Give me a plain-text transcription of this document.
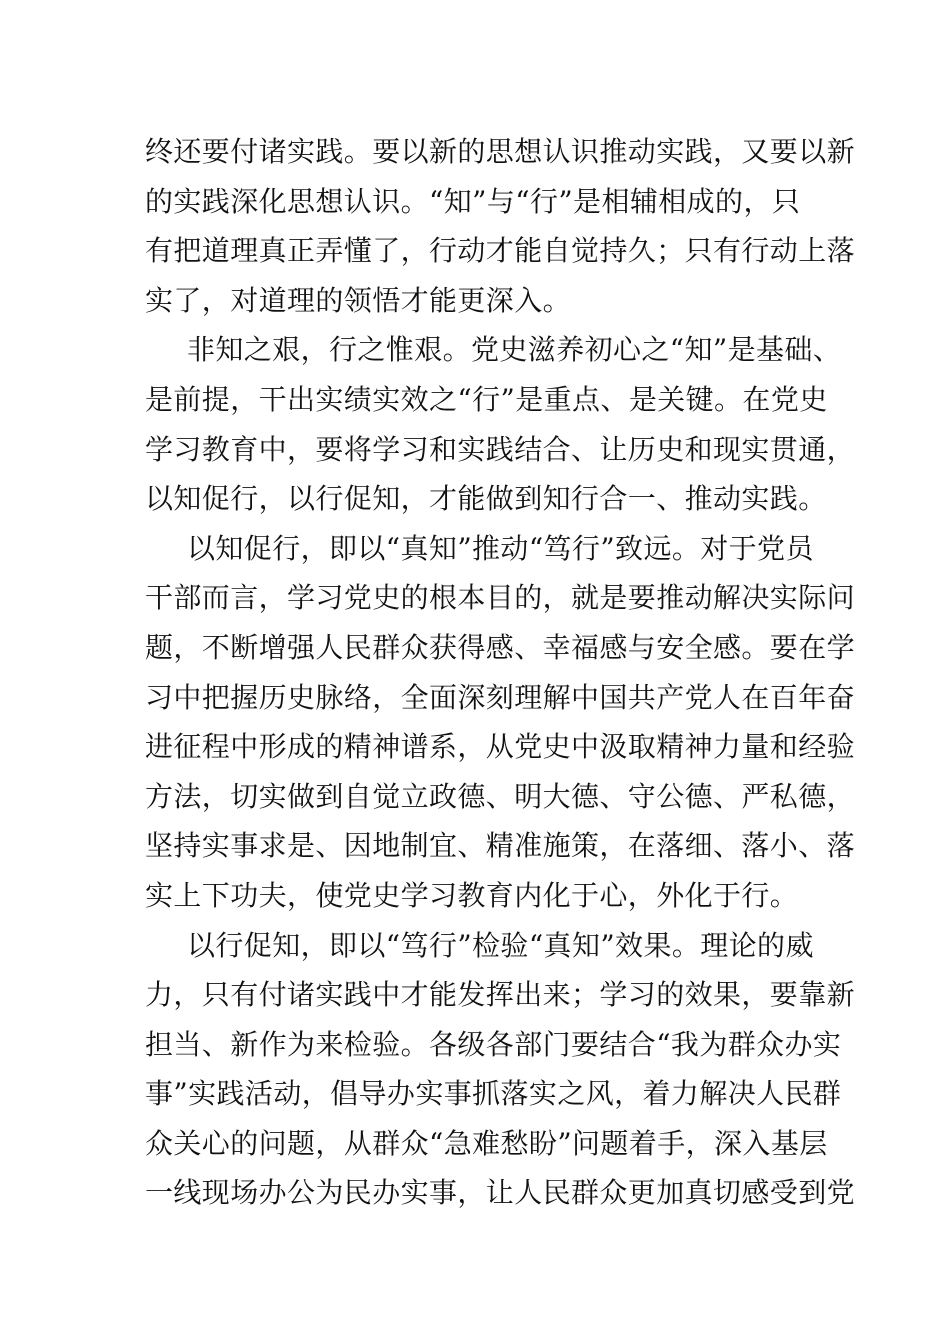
终还要付诸实践。要以新的思想认识推动实践，又要以新
的实践深化思想认识。“知”与“行”是相辅相成的，只
有把道理真正弄懂了，行动才能自觉持久；只有行动上落
实了，对道理的领悟才能更深入。
非知之艰，行之惟艰。党史滋养初心之“知”是基础、
是前提，干出实绩实效之“行”是重点、是关键。在党史
学习教育中，要将学习和实践结合、让历史和现实贯通，
以知促行，以行促知，才能做到知行合一、推动实践。
以知促行，即以“真知”推动“笃行”致远。对于党员
干部而言，学习党史的根本目的，就是要推动解决实际问
题，不断增强人民群众获得感、幸福感与安全感。要在学
习中把握历史脉络，全面深刻理解中国共产党人在百年奋
进征程中形成的精神谱系，从党史中汲取精神力量和经验
方法，切实做到自觉立政德、明大德、守公德、严私德，
坚持实事求是、因地制宜、精准施策，在落细、落小、落
实上下功夫，使党史学习教育内化于心，外化于行。
以行促知，即以“笃行”检验“真知”效果。理论的威
力，只有付诸实践中才能发挥出来；学习的效果，要靠新
担当、新作为来检验。各级各部门要结合“我为群众办实
事”实践活动，倡导办实事抓落实之风，着力解决人民群
众关心的问题，从群众“急难愁盼”问题着手，深入基层
一线现场办公为民办实事，让人民群众更加真切感受到党
